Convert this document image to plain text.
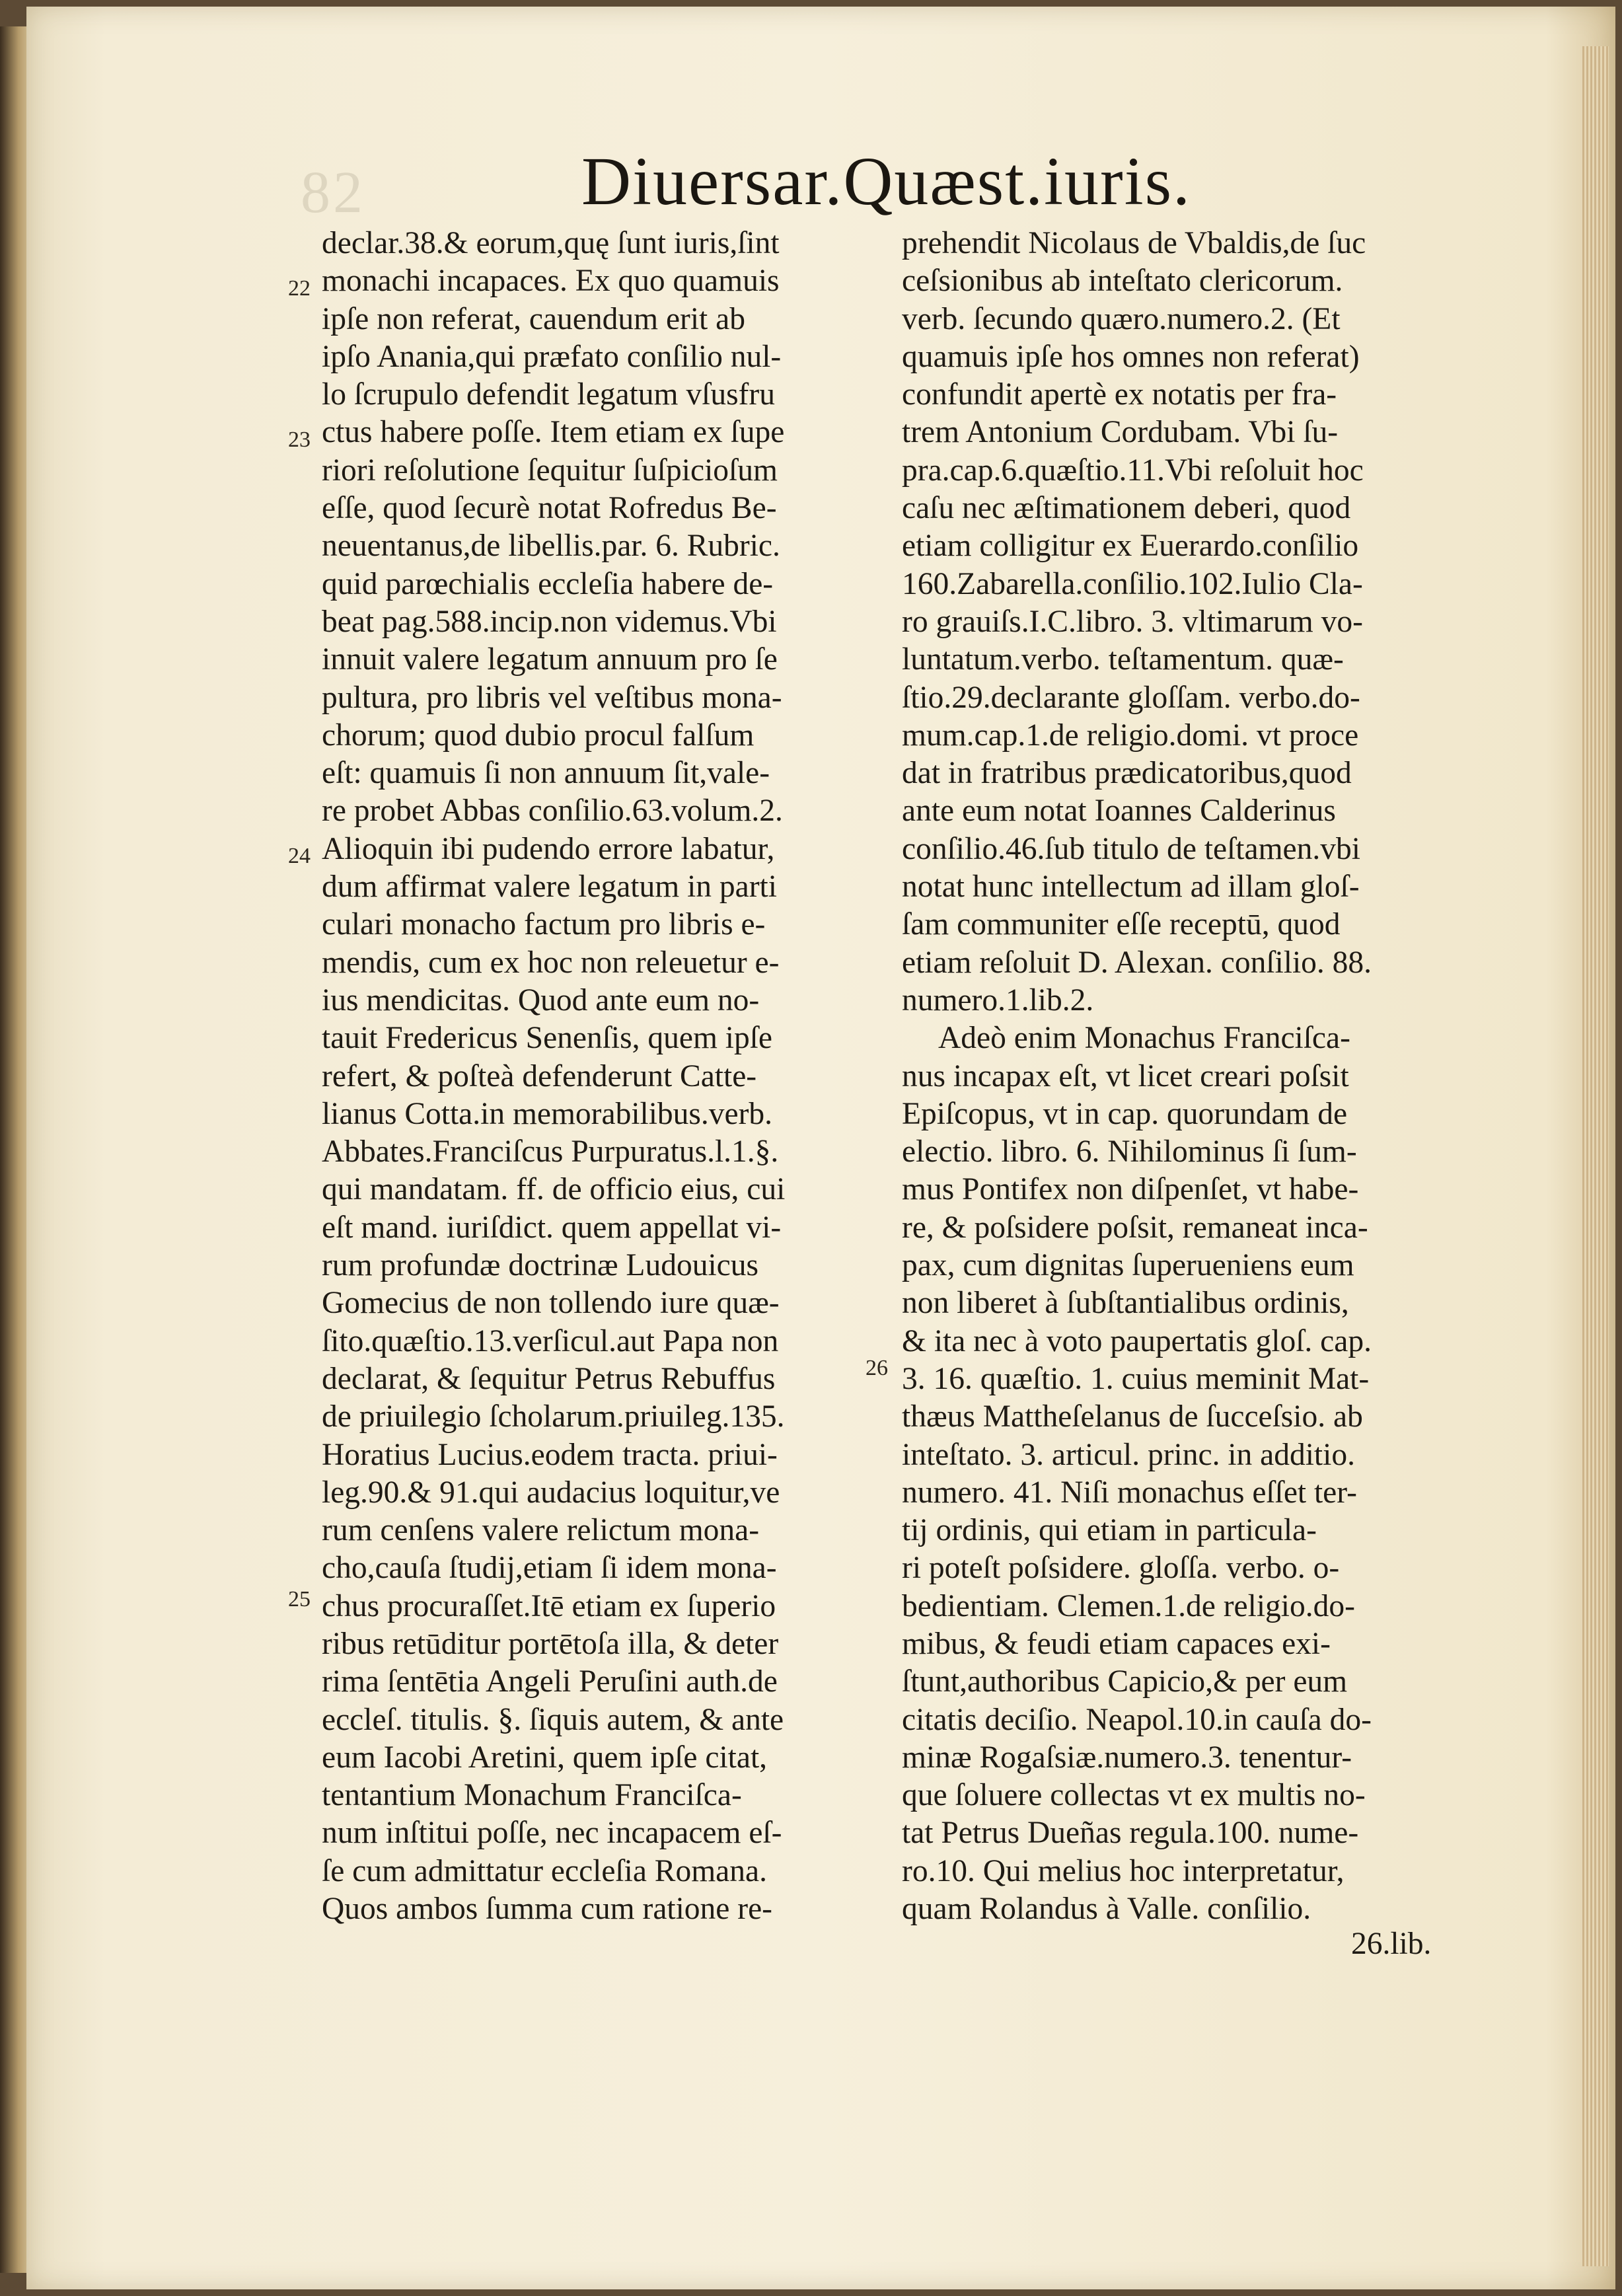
82	Diuersar.Quæst.iuris.
22
23
24
25
26
declar.38.& eorum,quę ſunt iuris,ſint
monachi incapaces. Ex quo quamuis
ipſe non referat, cauendum erit ab
ipſo Anania,qui præfato conſilio nul-
lo ſcrupulo defendit legatum vſusfru
ctus habere poſſe. Item etiam ex ſupe
riori reſolutione ſequitur ſuſpicioſum
eſſe, quod ſecurè notat Rofredus Be-
neuentanus,de libellis.par. 6. Rubric.
quid parœchialis eccleſia habere de-
beat pag.588.incip.non videmus.Vbi
innuit valere legatum annuum pro ſe
pultura, pro libris vel veſtibus mona-
chorum; quod dubio procul falſum
eſt: quamuis ſi non annuum ſit,vale-
re probet Abbas conſilio.63.volum.2.
Alioquin ibi pudendo errore labatur,
dum affirmat valere legatum in parti
culari monacho factum pro libris e-
mendis, cum ex hoc non releuetur e-
ius mendicitas. Quod ante eum no-
tauit Fredericus Senenſis, quem ipſe
refert, & poſteà defenderunt Catte-
lianus Cotta.in memorabilibus.verb.
Abbates.Franciſcus Purpuratus.l.1.§.
qui mandatam. ff. de officio eius, cui
eſt mand. iuriſdict. quem appellat vi-
rum profundæ doctrinæ Ludouicus
Gomecius de non tollendo iure quæ-
ſito.quæſtio.13.verſicul.aut Papa non
declarat, & ſequitur Petrus Rebuffus
de priuilegio ſcholarum.priuileg.135.
Horatius Lucius.eodem tracta. priui-
leg.90.& 91.qui audacius loquitur,ve
rum cenſens valere relictum mona-
cho,cauſa ſtudij,etiam ſi idem mona-
chus procuraſſet.Itē etiam ex ſuperio
ribus retūditur portētoſa illa, & deter
rima ſentētia Angeli Peruſini auth.de
eccleſ. titulis. §. ſiquis autem, & ante
eum Iacobi Aretini, quem ipſe citat,
tentantium Monachum Franciſca-
num inſtitui poſſe, nec incapacem eſ-
ſe cum admittatur eccleſia Romana.
Quos ambos ſumma cum ratione re-
prehendit Nicolaus de Vbaldis,de ſuc
ceſsionibus ab inteſtato clericorum.
verb. ſecundo quæro.numero.2. (Et
quamuis ipſe hos omnes non referat)
confundit apertè ex notatis per fra-
trem Antonium Cordubam. Vbi ſu-
pra.cap.6.quæſtio.11.Vbi reſoluit hoc
caſu nec æſtimationem deberi, quod
etiam colligitur ex Euerardo.conſilio
160.Zabarella.conſilio.102.Iulio Cla-
ro grauiſs.I.C.libro. 3. vltimarum vo-
luntatum.verbo. teſtamentum. quæ-
ſtio.29.declarante gloſſam. verbo.do-
mum.cap.1.de religio.domi. vt proce
dat in fratribus prædicatoribus,quod
ante eum notat Ioannes Calderinus
conſilio.46.ſub titulo de teſtamen.vbi
notat hunc intellectum ad illam gloſ-
ſam communiter eſſe receptū, quod
etiam reſoluit D. Alexan. conſilio. 88.
numero.1.lib.2.
Adeò enim Monachus Franciſca-
nus incapax eſt, vt licet creari poſsit
Epiſcopus, vt in cap. quorundam de
electio. libro. 6. Nihilominus ſi ſum-
mus Pontifex non diſpenſet, vt habe-
re, & poſsidere poſsit, remaneat inca-
pax, cum dignitas ſuperueniens eum
non liberet à ſubſtantialibus ordinis,
& ita nec à voto paupertatis gloſ. cap.
3. 16. quæſtio. 1. cuius meminit Mat-
thæus Mattheſelanus de ſucceſsio. ab
inteſtato. 3. articul. princ. in additio.
numero. 41. Niſi monachus eſſet ter-
tij ordinis, qui etiam in particula-
ri poteſt poſsidere. gloſſa. verbo. o-
bedientiam. Clemen.1.de religio.do-
mibus, & feudi etiam capaces exi-
ſtunt,authoribus Capicio,& per eum
citatis deciſio. Neapol.10.in cauſa do-
minæ Rogaſsiæ.numero.3. tenentur-
que ſoluere collectas vt ex multis no-
tat Petrus Dueñas regula.100. nume-
ro.10. Qui melius hoc interpretatur,
quam Rolandus à Valle. conſilio.
26.lib.
